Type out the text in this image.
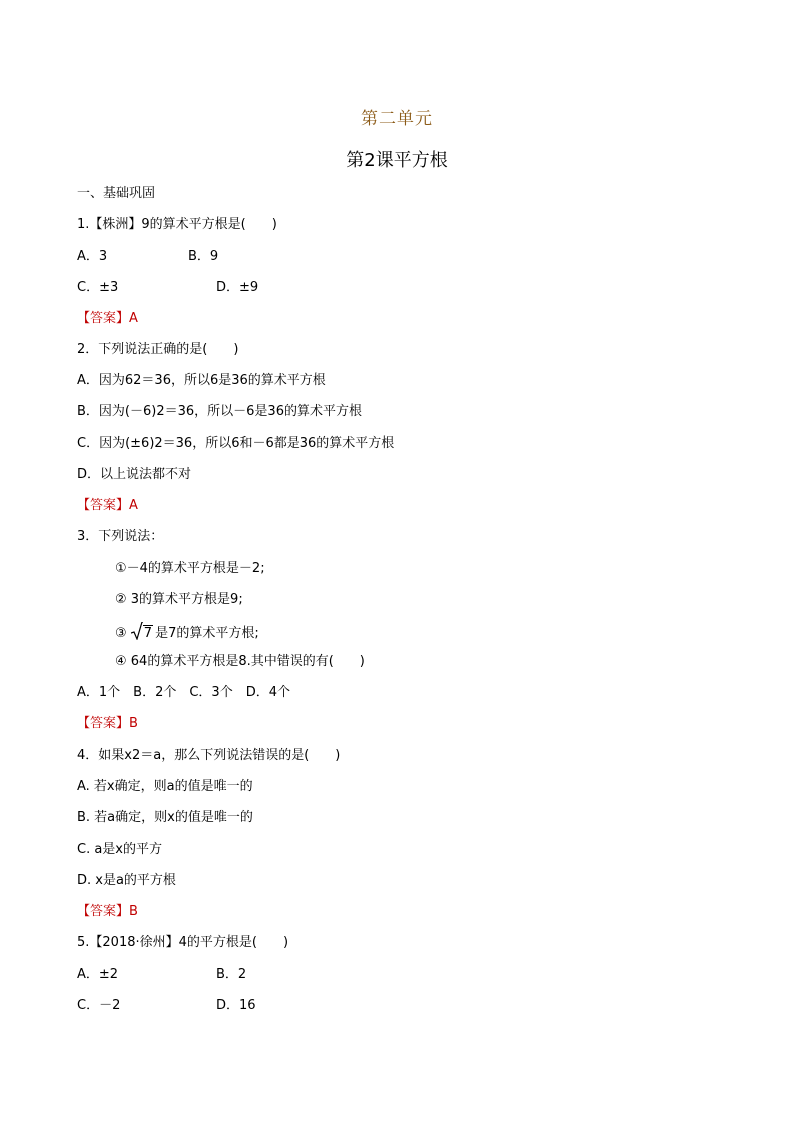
第二单元
第2课平方根
一、基础巩固
1.【株洲】9的算术平方根是(　　)
A．3	B．9
C．±3	D．±9
【答案】A
2．下列说法正确的是(　　)
A．因为62＝36，所以6是36的算术平方根
B．因为(－6)2＝36，所以－6是36的算术平方根
C．因为(±6)2＝36，所以6和－6都是36的算术平方根
D．以上说法都不对
【答案】A
3．下列说法：
①－4的算术平方根是－2;
② 3的算术平方根是9;
③ 7 是7的算术平方根;
④ 64的算术平方根是8.其中错误的有(　　)
A．1个　B．2个　C．3个　D．4个
【答案】B
4．如果x2＝a，那么下列说法错误的是(　　)
A. 若x确定，则a的值是唯一的
B. 若a确定，则x的值是唯一的
C. a是x的平方
D. x是a的平方根
【答案】B
5.【2018·徐州】4的平方根是(　　)
A．±2	B．2
C．－2	D．16
